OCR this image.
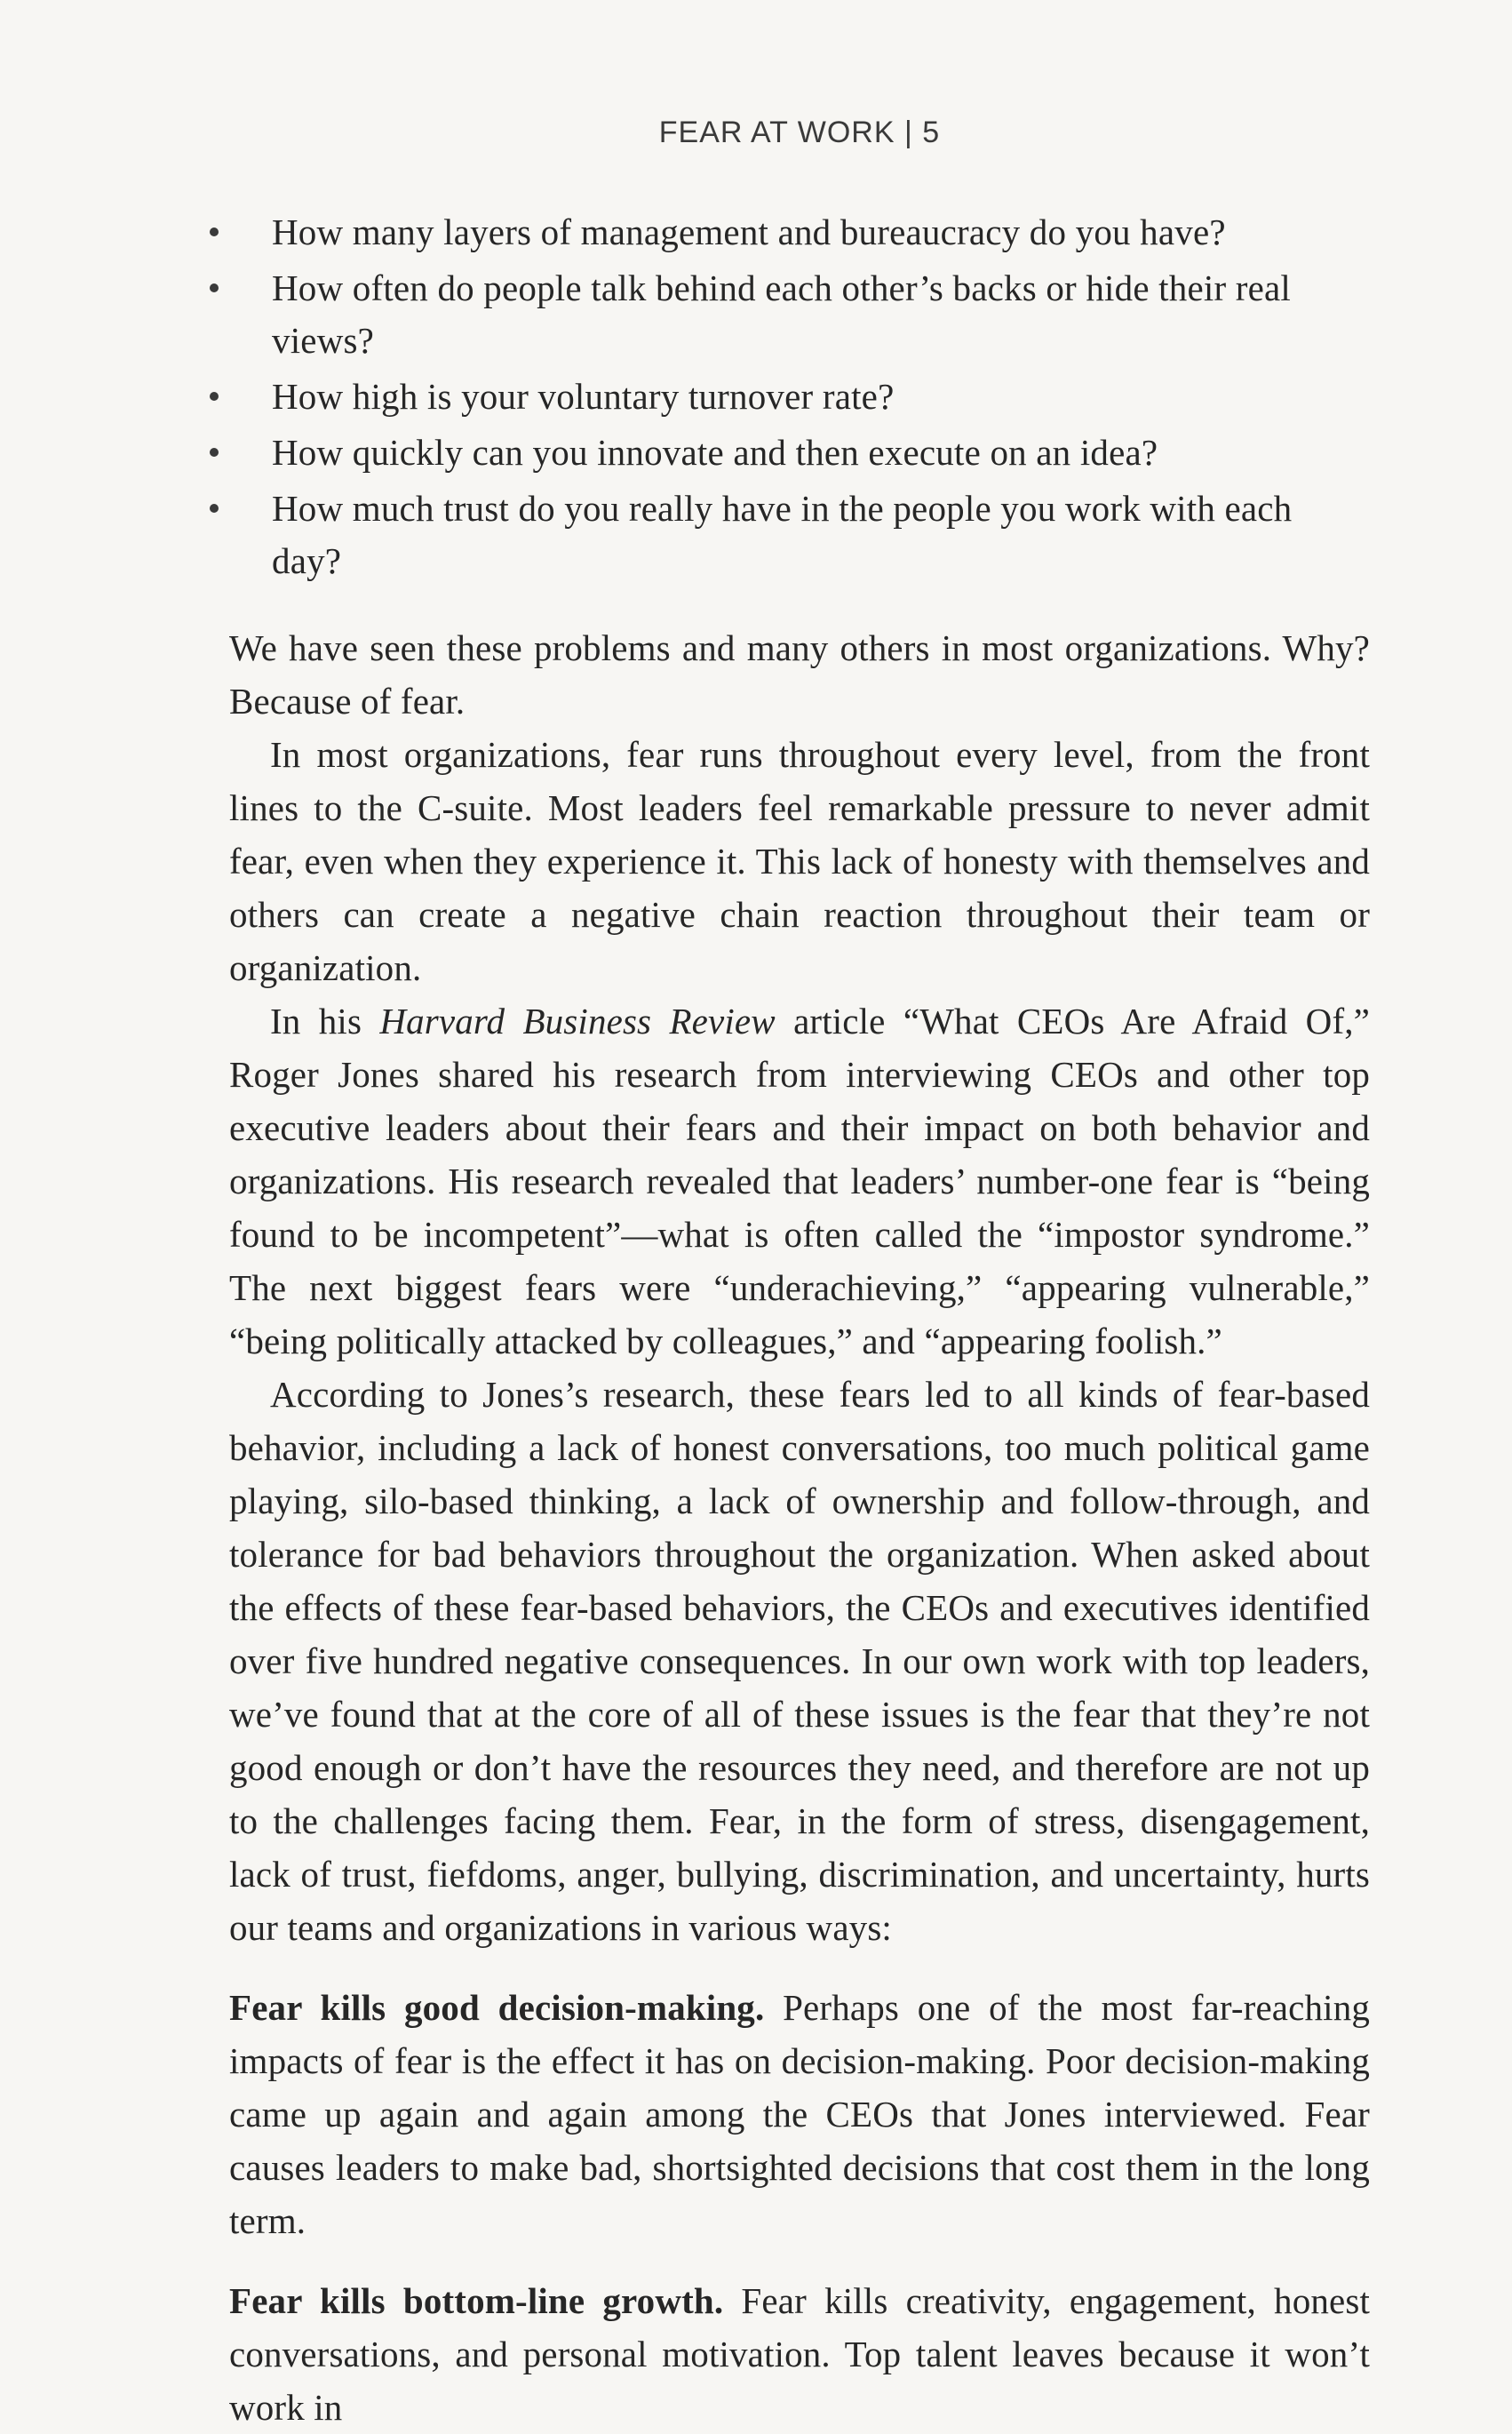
FEAR AT WORK | 5
How many layers of management and bureaucracy do you have?
How often do people talk behind each other’s backs or hide their real views?
How high is your voluntary turnover rate?
How quickly can you innovate and then execute on an idea?
How much trust do you really have in the people you work with each day?

We have seen these problems and many others in most organizations. Why? Because of fear.

In most organizations, fear runs throughout every level, from the front lines to the C-suite. Most leaders feel remarkable pressure to never admit fear, even when they experience it. This lack of honesty with themselves and others can create a negative chain reaction throughout their team or organization.

In his Harvard Business Review article “What CEOs Are Afraid Of,” Roger Jones shared his research from interviewing CEOs and other top executive leaders about their fears and their impact on both behavior and organizations. His research revealed that leaders’ number-one fear is “being found to be incompetent”—what is often called the “impostor syndrome.” The next biggest fears were “underachieving,” “appearing vulnerable,” “being politically attacked by colleagues,” and “appearing foolish.”

According to Jones’s research, these fears led to all kinds of fear-based behavior, including a lack of honest conversations, too much political game playing, silo-based thinking, a lack of ownership and follow-through, and tolerance for bad behaviors throughout the organization. When asked about the effects of these fear-based behaviors, the CEOs and executives identified over five hundred negative consequences. In our own work with top leaders, we’ve found that at the core of all of these issues is the fear that they’re not good enough or don’t have the resources they need, and therefore are not up to the challenges facing them. Fear, in the form of stress, disengagement, lack of trust, fiefdoms, anger, bullying, discrimination, and uncertainty, hurts our teams and organizations in various ways:

Fear kills good decision-making. Perhaps one of the most far-reaching impacts of fear is the effect it has on decision-making. Poor decision-making came up again and again among the CEOs that Jones interviewed. Fear causes leaders to make bad, shortsighted decisions that cost them in the long term.

Fear kills bottom-line growth. Fear kills creativity, engagement, honest conversations, and personal motivation. Top talent leaves because it won’t work in
